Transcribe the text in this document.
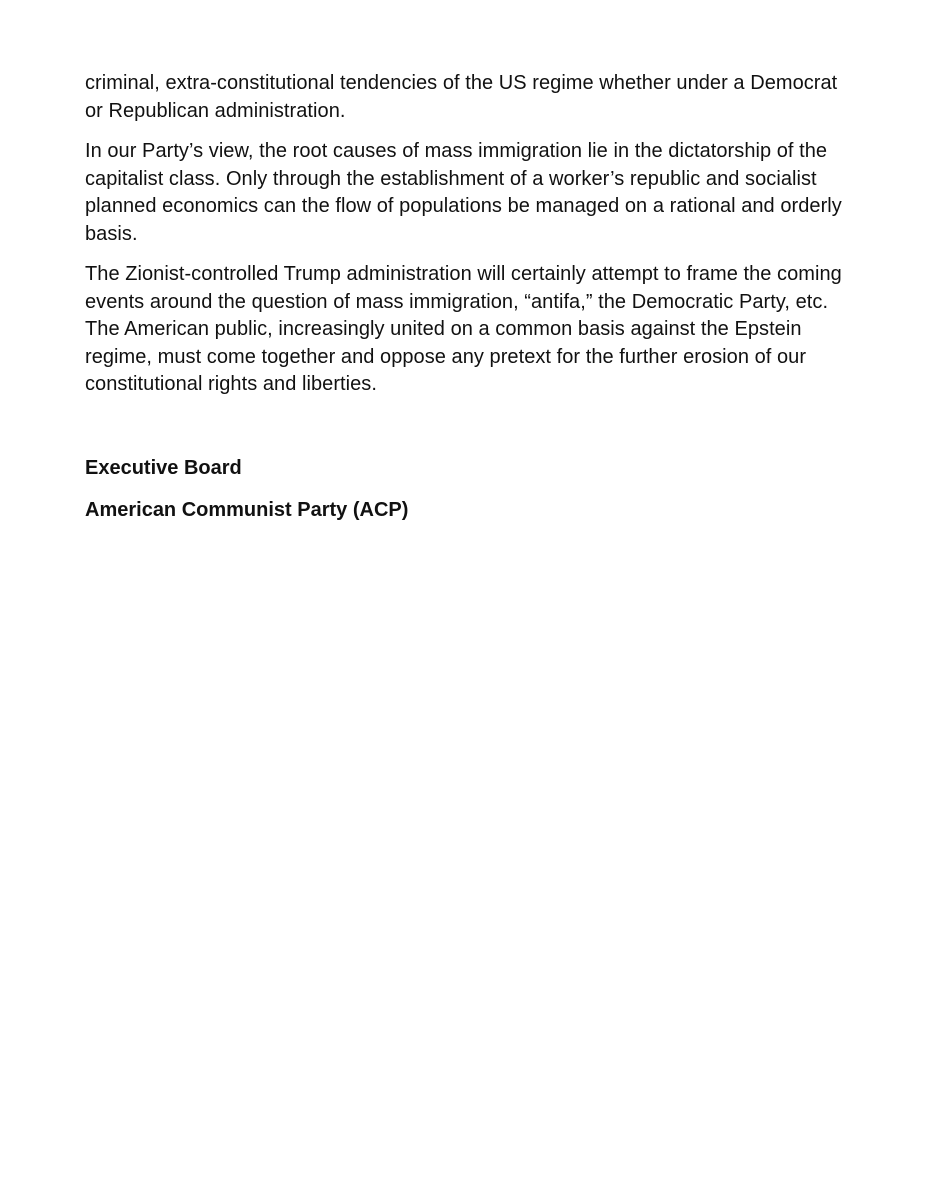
criminal, extra-constitutional tendencies of the US regime whether under a Democrat or Republican administration.

In our Party’s view, the root causes of mass immigration lie in the dictatorship of the capitalist class. Only through the establishment of a worker’s republic and socialist planned economics can the flow of populations be managed on a rational and orderly basis.

The Zionist-controlled Trump administration will certainly attempt to frame the coming events around the question of mass immigration, “antifa,” the Democratic Party, etc. The American public, increasingly united on a common basis against the Epstein regime, must come together and oppose any pretext for the further erosion of our constitutional rights and liberties.

Executive Board

American Communist Party (ACP)
